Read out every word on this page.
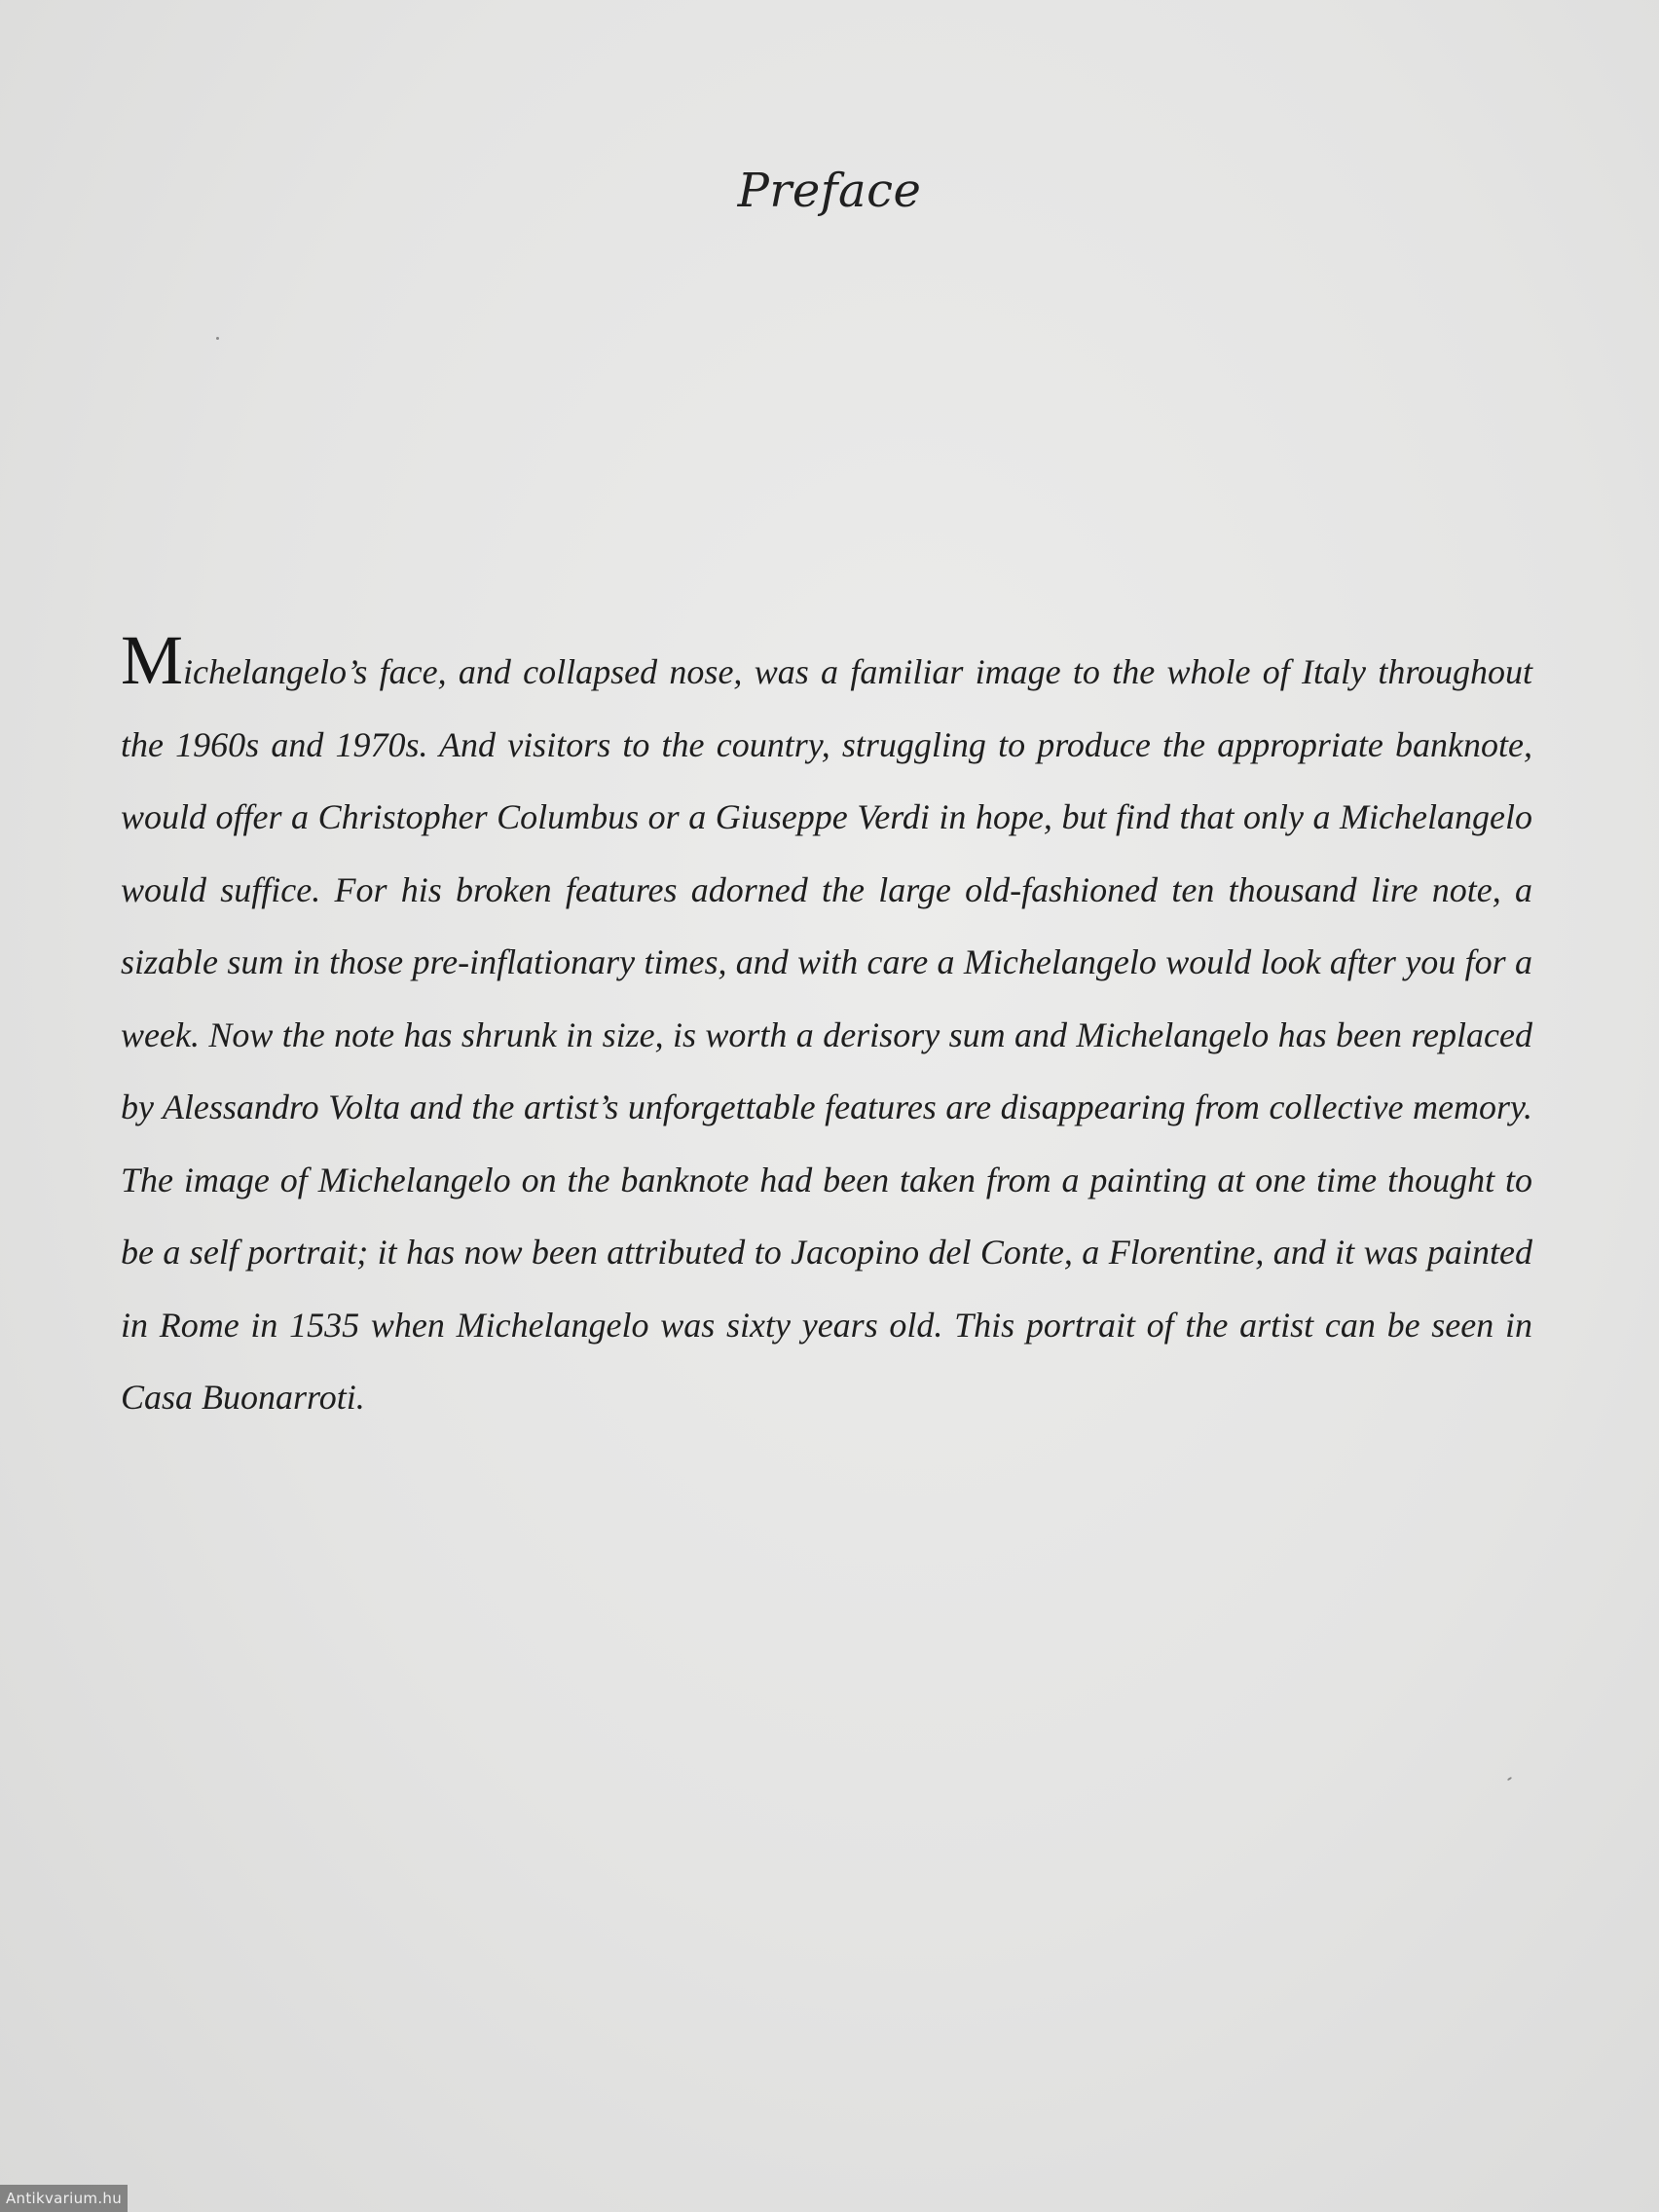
Preface

Michelangelo’s face, and collapsed nose, was a familiar image to the whole of Italy throughout the 1960s and 1970s. And visitors to the country, struggling to produce the appropriate banknote, would offer a Christopher Columbus or a Giuseppe Verdi in hope, but find that only a Michelangelo would suffice. For his broken features adorned the large old-fashioned ten thousand lire note, a sizable sum in those pre-inflationary times, and with care a Michelangelo would look after you for a week. Now the note has shrunk in size, is worth a derisory sum and Michelangelo has been replaced by Alessandro Volta and the artist’s unforgettable features are disappearing from collective memory. The image of Michelangelo on the banknote had been taken from a painting at one time thought to be a self portrait; it has now been attributed to Jacopino del Conte, a Florentine, and it was painted in Rome in 1535 when Michelangelo was sixty years old. This portrait of the artist can be seen in Casa Buonarroti.

Antikvarium.hu
